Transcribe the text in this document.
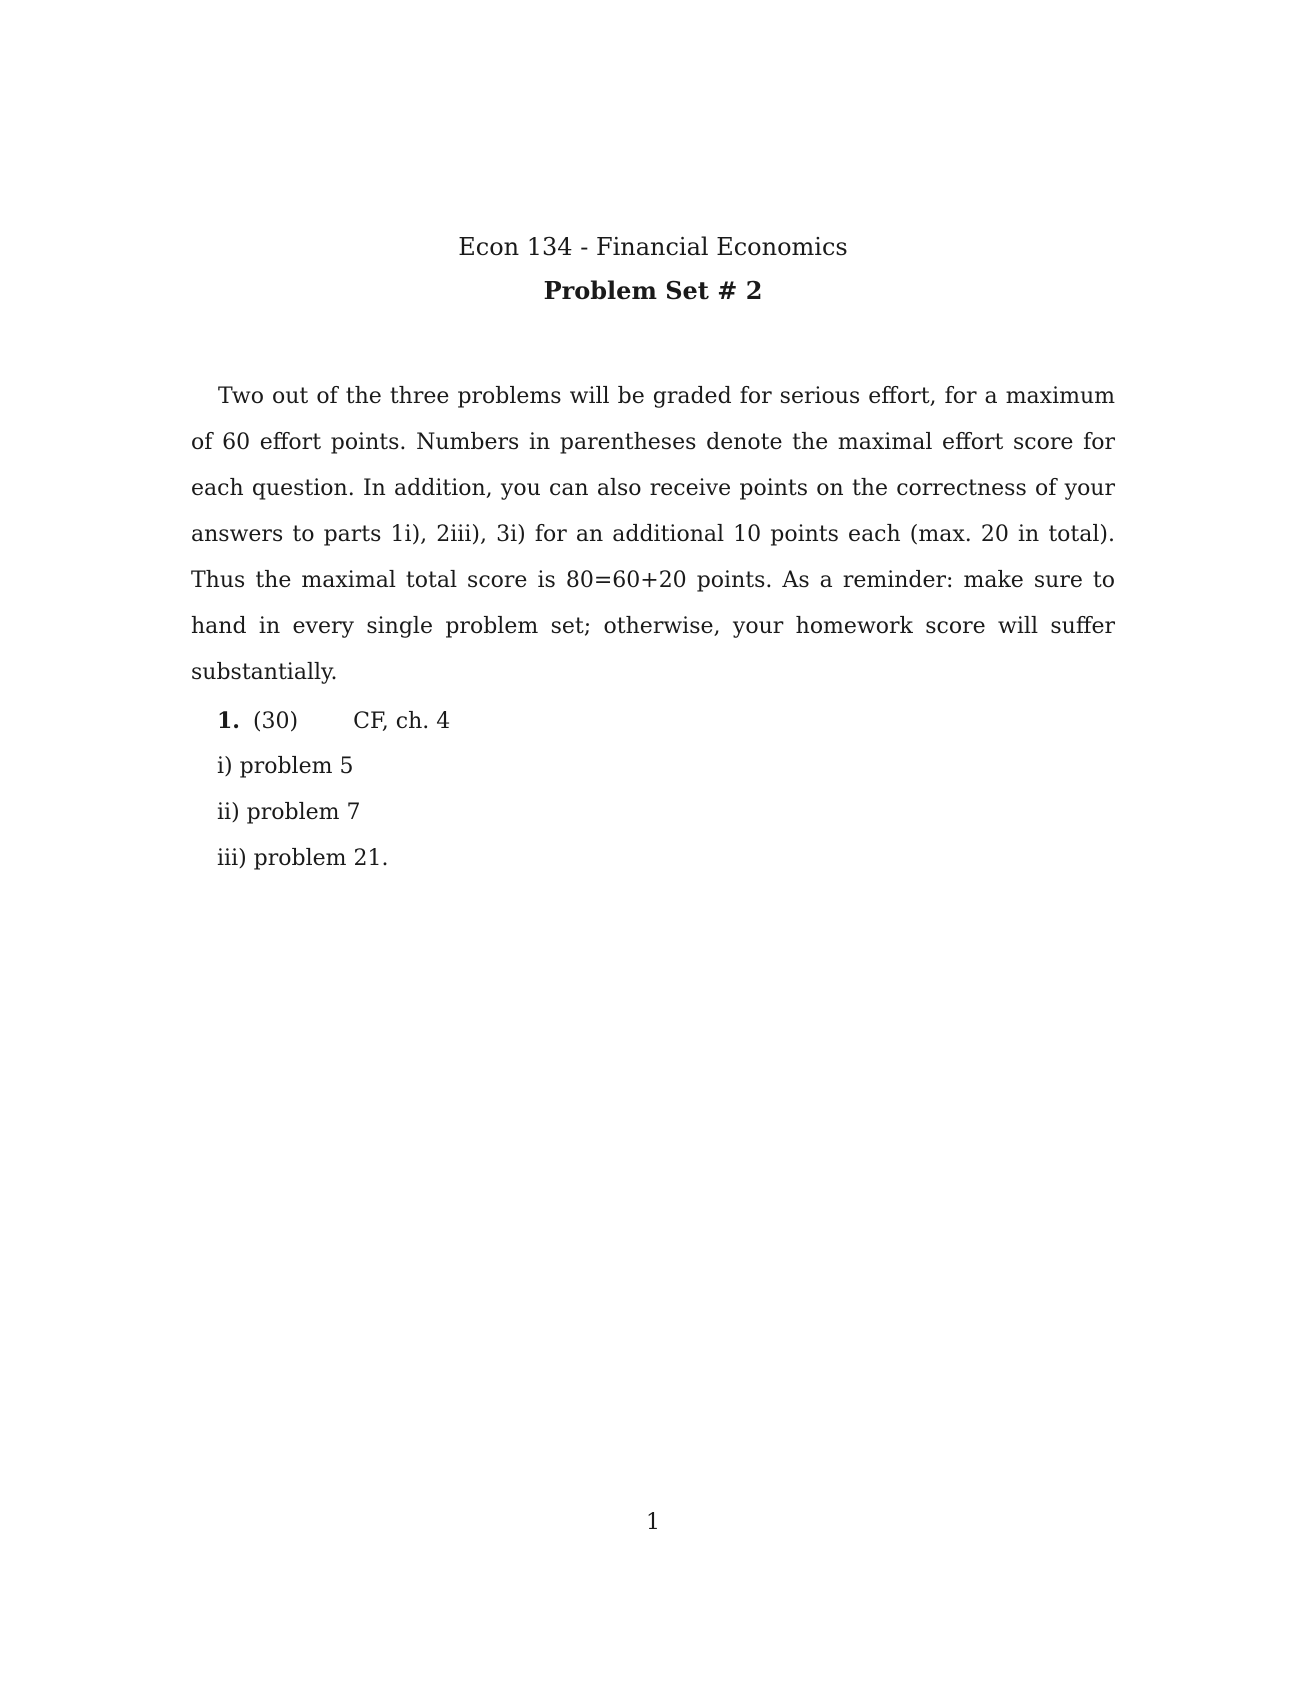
Econ 134 - Financial Economics
Problem Set # 2

Two out of the three problems will be graded for serious effort, for a maximum of 60 effort points. Numbers in parentheses denote the maximal effort score for each question. In addition, you can also receive points on the correctness of your answers to parts 1i), 2iii), 3i) for an additional 10 points each (max. 20 in total). Thus the maximal total score is 80=60+20 points. As a reminder: make sure to hand in every single problem set; otherwise, your homework score will suffer substantially.

1. (30)	CF, ch. 4
i) problem 5
ii) problem 7
iii) problem 21.
1
